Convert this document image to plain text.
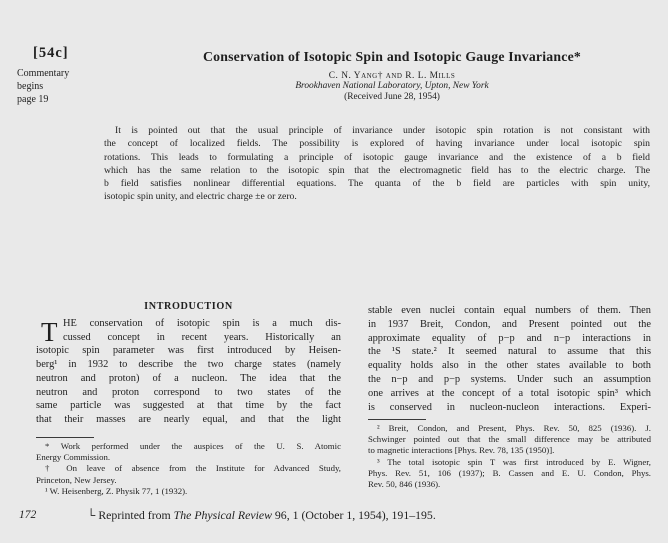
[54c]
Commentary
begins
page 19
Conservation of Isotopic Spin and Isotopic Gauge Invariance*
C. N. Yang† and R. L. Mills
Brookhaven National Laboratory, Upton, New York
(Received June 28, 1954)
It is pointed out that the usual principle of invariance under isotopic spin rotation is not consistant with
the concept of localized fields. The possibility is explored of having invariance under local isotopic spin
rotations. This leads to formulating a principle of isotopic gauge invariance and the existence of a b field
which has the same relation to the isotopic spin that the electromagnetic field has to the electric charge. The
b field satisfies nonlinear differential equations. The quanta of the b field are particles with spin unity,
isotopic spin unity, and electric charge ±e or zero.
INTRODUCTION
T HE conservation of isotopic spin is a much dis-
cussed concept in recent years. Historically an
isotopic spin parameter was first introduced by Heisen-
berg¹ in 1932 to describe the two charge states (namely
neutron and proton) of a nucleon. The idea that the
neutron and proton correspond to two states of the
same particle was suggested at that time by the fact
that their masses are nearly equal, and that the light
stable even nuclei contain equal numbers of them. Then
in 1937 Breit, Condon, and Present pointed out the
approximate equality of p−p and n−p interactions in
the ¹S state.² It seemed natural to assume that this
equality holds also in the other states available to both
the n−p and p−p systems. Under such an assumption
one arrives at the concept of a total isotopic spin³ which
is conserved in nucleon-nucleon interactions. Experi-
* Work performed under the auspices of the U. S. Atomic
Energy Commission.
† On leave of absence from the Institute for Advanced Study,
Princeton, New Jersey.
¹ W. Heisenberg, Z. Physik 77, 1 (1932).
² Breit, Condon, and Present, Phys. Rev. 50, 825 (1936). J.
Schwinger pointed out that the small difference may be attributed
to magnetic interactions [Phys. Rev. 78, 135 (1950)].
³ The total isotopic spin T was first introduced by E. Wigner,
Phys. Rev. 51, 106 (1937); B. Cassen and E. U. Condon, Phys.
Rev. 50, 846 (1936).
172	└ Reprinted from The Physical Review 96, 1 (October 1, 1954), 191–195.
